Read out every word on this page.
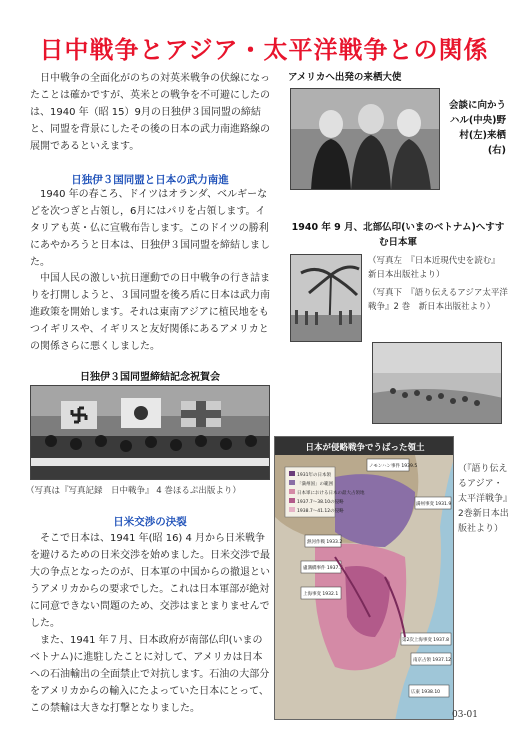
日中戦争とアジア・太平洋戦争との関係
日中戦争の全面化がのちの対英米戦争の伏線になったことは確かですが、英米との戦争を不可避にしたのは、1940 年（昭 15）9月の日独伊３国同盟の締結と、同盟を背景にしたその後の日本の武力南進路線の展開であるといえます。
日独伊３国同盟と日本の武力南進
1940 年の春ころ、ドイツはオランダ、ベルギーなどを次つぎと占領し，6月にはパリを占領します。イタリアも英・仏に宣戦布告します。このドイツの勝利にあやかろうと日本は、日独伊３国同盟を締結しました。
中国人民の激しい抗日運動での日中戦争の行き詰まりを打開しようと、３国同盟を後ろ盾に日本は武力南進政策を開始します。それは東南アジアに植民地をもつイギリスや、イギリスと友好関係にあるアメリカとの関係さらに悪くしました。
日独伊３国同盟締結記念祝賀会
（写真は『写真記録　日中戦争』 4 巻ほるぷ出版より）
日米交渉の決裂
そこで日本は、1941 年(昭 16) 4 月から日米戦争を避けるための日米交渉を始めました。日米交渉で最大の争点となったのが、日本軍の中国からの撤退というアメリカからの要求でした。これは日本軍部が絶対に同意できない問題のため、交渉はまとまりませんでした。
また、1941 年７月、日本政府が南部仏印(いまのベトナム)に進駐したことに対して、アメリカは日本への石油輸出の全面禁止で対抗します。石油の大部分をアメリカからの輸入にたよっていた日本にとって、この禁輸は大きな打撃となりました。
アメリカへ出発の来栖大使
会談に向かうハル(中央)野村(左)来栖(右)
1940 年 9 月、北部仏印(いまのベトナム)へすすむ日本軍
（写真左　『日本近現代史を読む』新日本出版社より）
（写真下　『語り伝えるアジア太平洋戦争』2 巻　新日本出版社より）
日本が侵略戦争でうばった領土
1931年の日本領
「満州国」の範囲
日本軍における日本の最大占領地
1937.7〜38.10の侵略
1938.7〜41.12の侵略
ノモンハン事件 1939.5
熱河作戦 1933.2
満州事変 1931.9
盧溝橋事件 1937.7
上海事変 1932.1
第2次上海事変 1937.8
南京占領 1937.12
広東 1938.10
（『語り伝えるアジア・太平洋戦争』2巻新日本出版社より）
03-01
